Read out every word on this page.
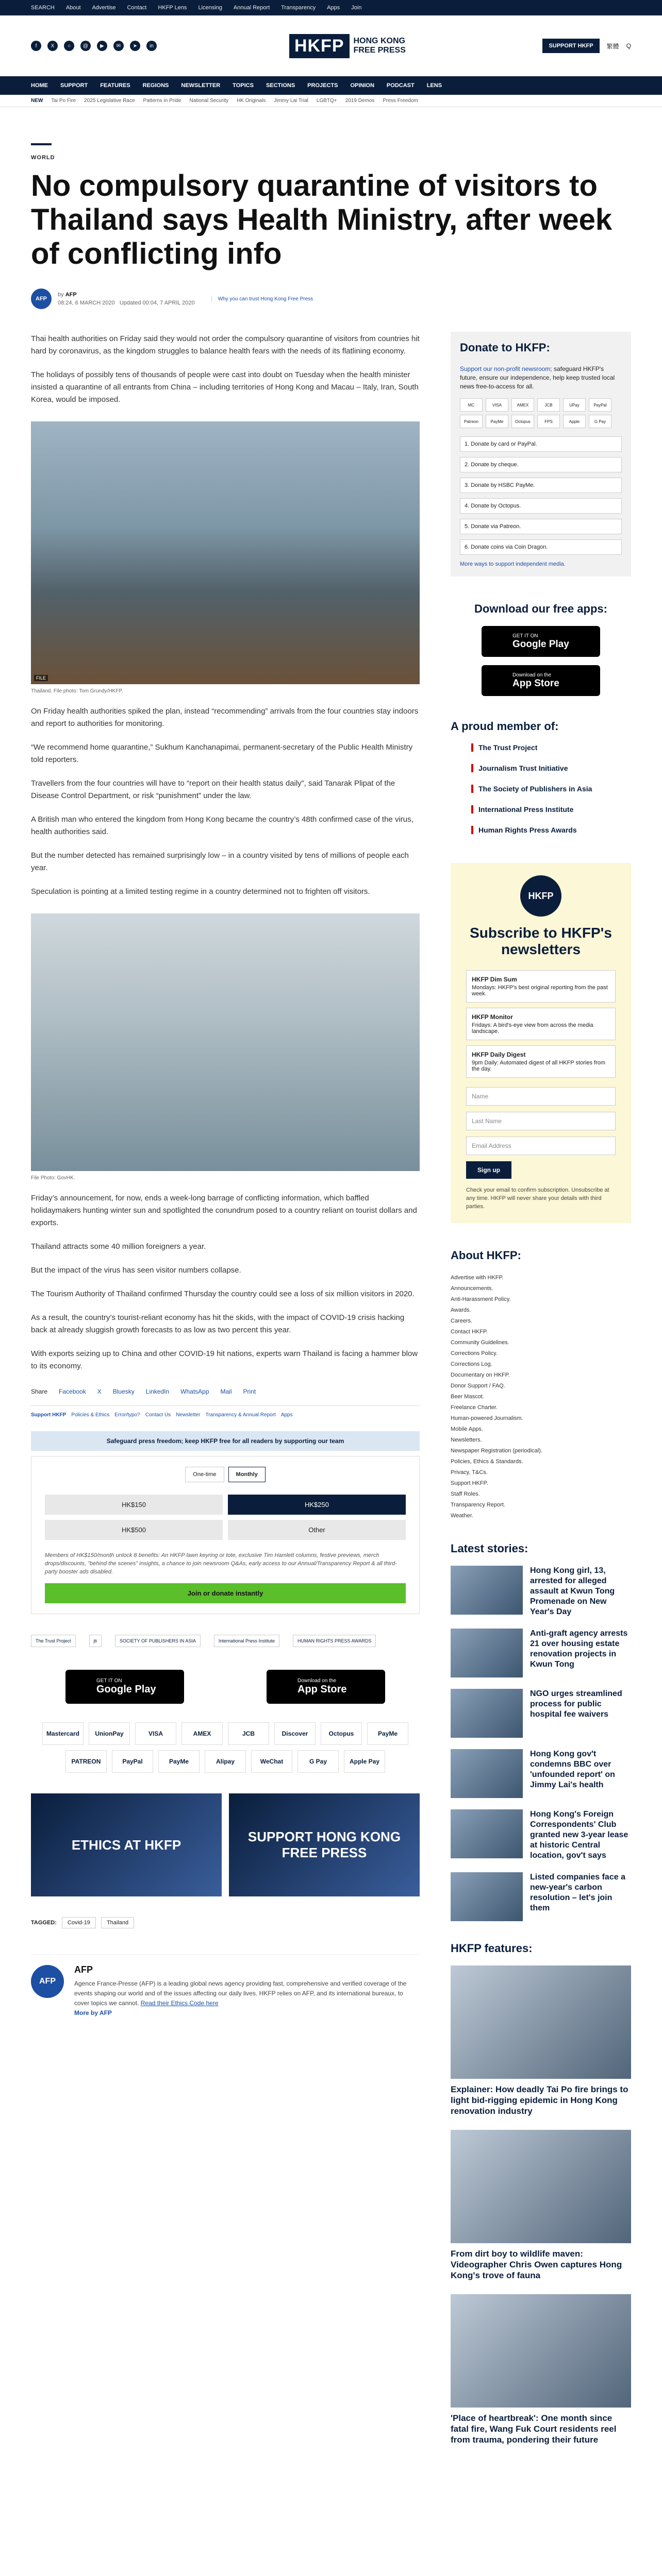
SEARCH About Advertise Contact HKFP Lens Licensing Annual Report Transparency Apps Join
f	X	○	@	▶	✉	➤	in	HKFP	HONG KONG FREE PRESS	SUPPORT HKFP	繁體 Q
HOME SUPPORT FEATURES REGIONS NEWSLETTER TOPICS SECTIONS PROJECTS OPINION PODCAST LENS
NEW Tai Po Fire 2025 Legislative Race Patterns in Pride National Security HK Originals Jimmy Lai Trial LGBTQ+ 2019 Demos Press Freedom
WORLD
No compulsory quarantine of visitors to Thailand says Health Ministry, after week of conflicting info
AFP
by AFP
08:24, 6 MARCH 2020 Updated 00:04, 7 APRIL 2020
Why you can trust Hong Kong Free Press

Thai health authorities on Friday said they would not order the compulsory quarantine of visitors from countries hit hard by coronavirus, as the kingdom struggles to balance health fears with the needs of its flatlining economy.

The holidays of possibly tens of thousands of people were cast into doubt on Tuesday when the health minister insisted a quarantine of all entrants from China – including territories of Hong Kong and Macau – Italy, Iran, South Korea, would be imposed.

FILE
Thailand. File photo: Tom Grundy/HKFP.

On Friday health authorities spiked the plan, instead “recommending” arrivals from the four countries stay indoors and report to authorities for monitoring.

“We recommend home quarantine,” Sukhum Kanchanapimai, permanent-secretary of the Public Health Ministry told reporters.

Travellers from the four countries will have to “report on their health status daily”, said Tanarak Plipat of the Disease Control Department, or risk “punishment” under the law.

A British man who entered the kingdom from Hong Kong became the country’s 48th confirmed case of the virus, health authorities said.

But the number detected has remained surprisingly low – in a country visited by tens of millions of people each year.

Speculation is pointing at a limited testing regime in a country determined not to frighten off visitors.

File Photo: GovHK.

Friday’s announcement, for now, ends a week-long barrage of conflicting information, which baffled holidaymakers hunting winter sun and spotlighted the conundrum posed to a country reliant on tourist dollars and exports.

Thailand attracts some 40 million foreigners a year.

But the impact of the virus has seen visitor numbers collapse.

The Tourism Authority of Thailand confirmed Thursday the country could see a loss of six million visitors in 2020.

As a result, the country’s tourist-reliant economy has hit the skids, with the impact of COVID-19 crisis hacking back at already sluggish growth forecasts to as low as two percent this year.

With exports seizing up to China and other COVID-19 hit nations, experts warn Thailand is facing a hammer blow to its economy.

Share Facebook X Bluesky LinkedIn WhatsApp Mail Print
Support HKFP Policies & Ethics Error/typo? Contact Us Newsletter Transparency & Annual Report Apps
Safeguard press freedom; keep HKFP free for all readers by supporting our team
One-time	Monthly
HK$150	HK$250
HK$500	Other
Members of HK$150/month unlock 8 benefits: An HKFP lawn keyring or tote, exclusive Tim Hamlett columns, festive previews, merch drops/discounts, "behind the scenes" insights, a chance to join newsroom Q&As, early access to our Annual/Transparency Report & all third-party booster ads disabled.
Join or donate instantly
The Trust Project	jti	SOCIETY OF PUBLISHERS IN ASIA	International Press Institute	HUMAN RIGHTS PRESS AWARDS
GET IT ON
Google Play
Download on the
App Store
Mastercard	UnionPay	VISA	AMEX	JCB	Discover	Octopus	PayMe
PATREON	PayPal	PayMe	Alipay	WeChat	G Pay	Apple Pay
ETHICS AT HKFP
SUPPORT HONG KONG FREE PRESS
TAGGED:	Covid-19	Thailand
AFP
AFP
Agence France-Presse (AFP) is a leading global news agency providing fast, comprehensive and verified coverage of the events shaping our world and of the issues affecting our daily lives. HKFP relies on AFP, and its international bureaux, to cover topics we cannot. Read their Ethics Code here
More by AFP
Donate to HKFP:

Support our non-profit newsroom; safeguard HKFP's future, ensure our independence, help keep trusted local news free-to-access for all.

MC	VISA	AMEX	JCB	UPay	PayPal
Patreon	PayMe	Octopus	FPS	Apple	G Pay
1. Donate by card or PayPal.
2. Donate by cheque.
3. Donate by HSBC PayMe.
4. Donate by Octopus.
5. Donate via Patreon.
6. Donate coins via Coin Dragon.
More ways to support independent media.
Download our free apps:
GET IT ON
Google Play
Download on the
App Store
A proud member of:
The Trust Project
Journalism Trust Initiative
The Society of Publishers in Asia
International Press Institute
Human Rights Press Awards
HKFP
Subscribe to HKFP's newsletters
HKFP Dim Sum
Mondays: HKFP's best original reporting from the past week.
HKFP Monitor
Fridays: A bird's-eye view from across the media landscape.
HKFP Daily Digest
9pm Daily: Automated digest of all HKFP stories from the day.
Name
Last Name
Email Address
Sign up
Check your email to confirm subscription. Unsubscribe at any time. HKFP will never share your details with third parties.
About HKFP:
Advertise with HKFP.
Announcements.
Anti-Harassment Policy.
Awards.
Careers.
Contact HKFP.
Community Guidelines.
Corrections Policy.
Corrections Log.
Documentary on HKFP.
Donor Support / FAQ.
Beer Mascot.
Freelance Charter.
Human-powered Journalism.
Mobile Apps.
Newsletters.
Newspaper Registration (periodical).
Policies, Ethics & Standards.
Privacy, T&Cs.
Support HKFP.
Staff Roles.
Transparency Report.
Weather.
Latest stories:
Hong Kong girl, 13, arrested for alleged assault at Kwun Tong Promenade on New Year's Day
Anti-graft agency arrests 21 over housing estate renovation projects in Kwun Tong
NGO urges streamlined process for public hospital fee waivers
Hong Kong gov't condemns BBC over 'unfounded report' on Jimmy Lai's health
Hong Kong's Foreign Correspondents' Club granted new 3-year lease at historic Central location, gov't says
Listed companies face a new-year's carbon resolution – let's join them
HKFP features:
Explainer: How deadly Tai Po fire brings to light bid-rigging epidemic in Hong Kong renovation industry
From dirt boy to wildlife maven: Videographer Chris Owen captures Hong Kong's trove of fauna
'Place of heartbreak': One month since fatal fire, Wang Fuk Court residents reel from trauma, pondering their future
